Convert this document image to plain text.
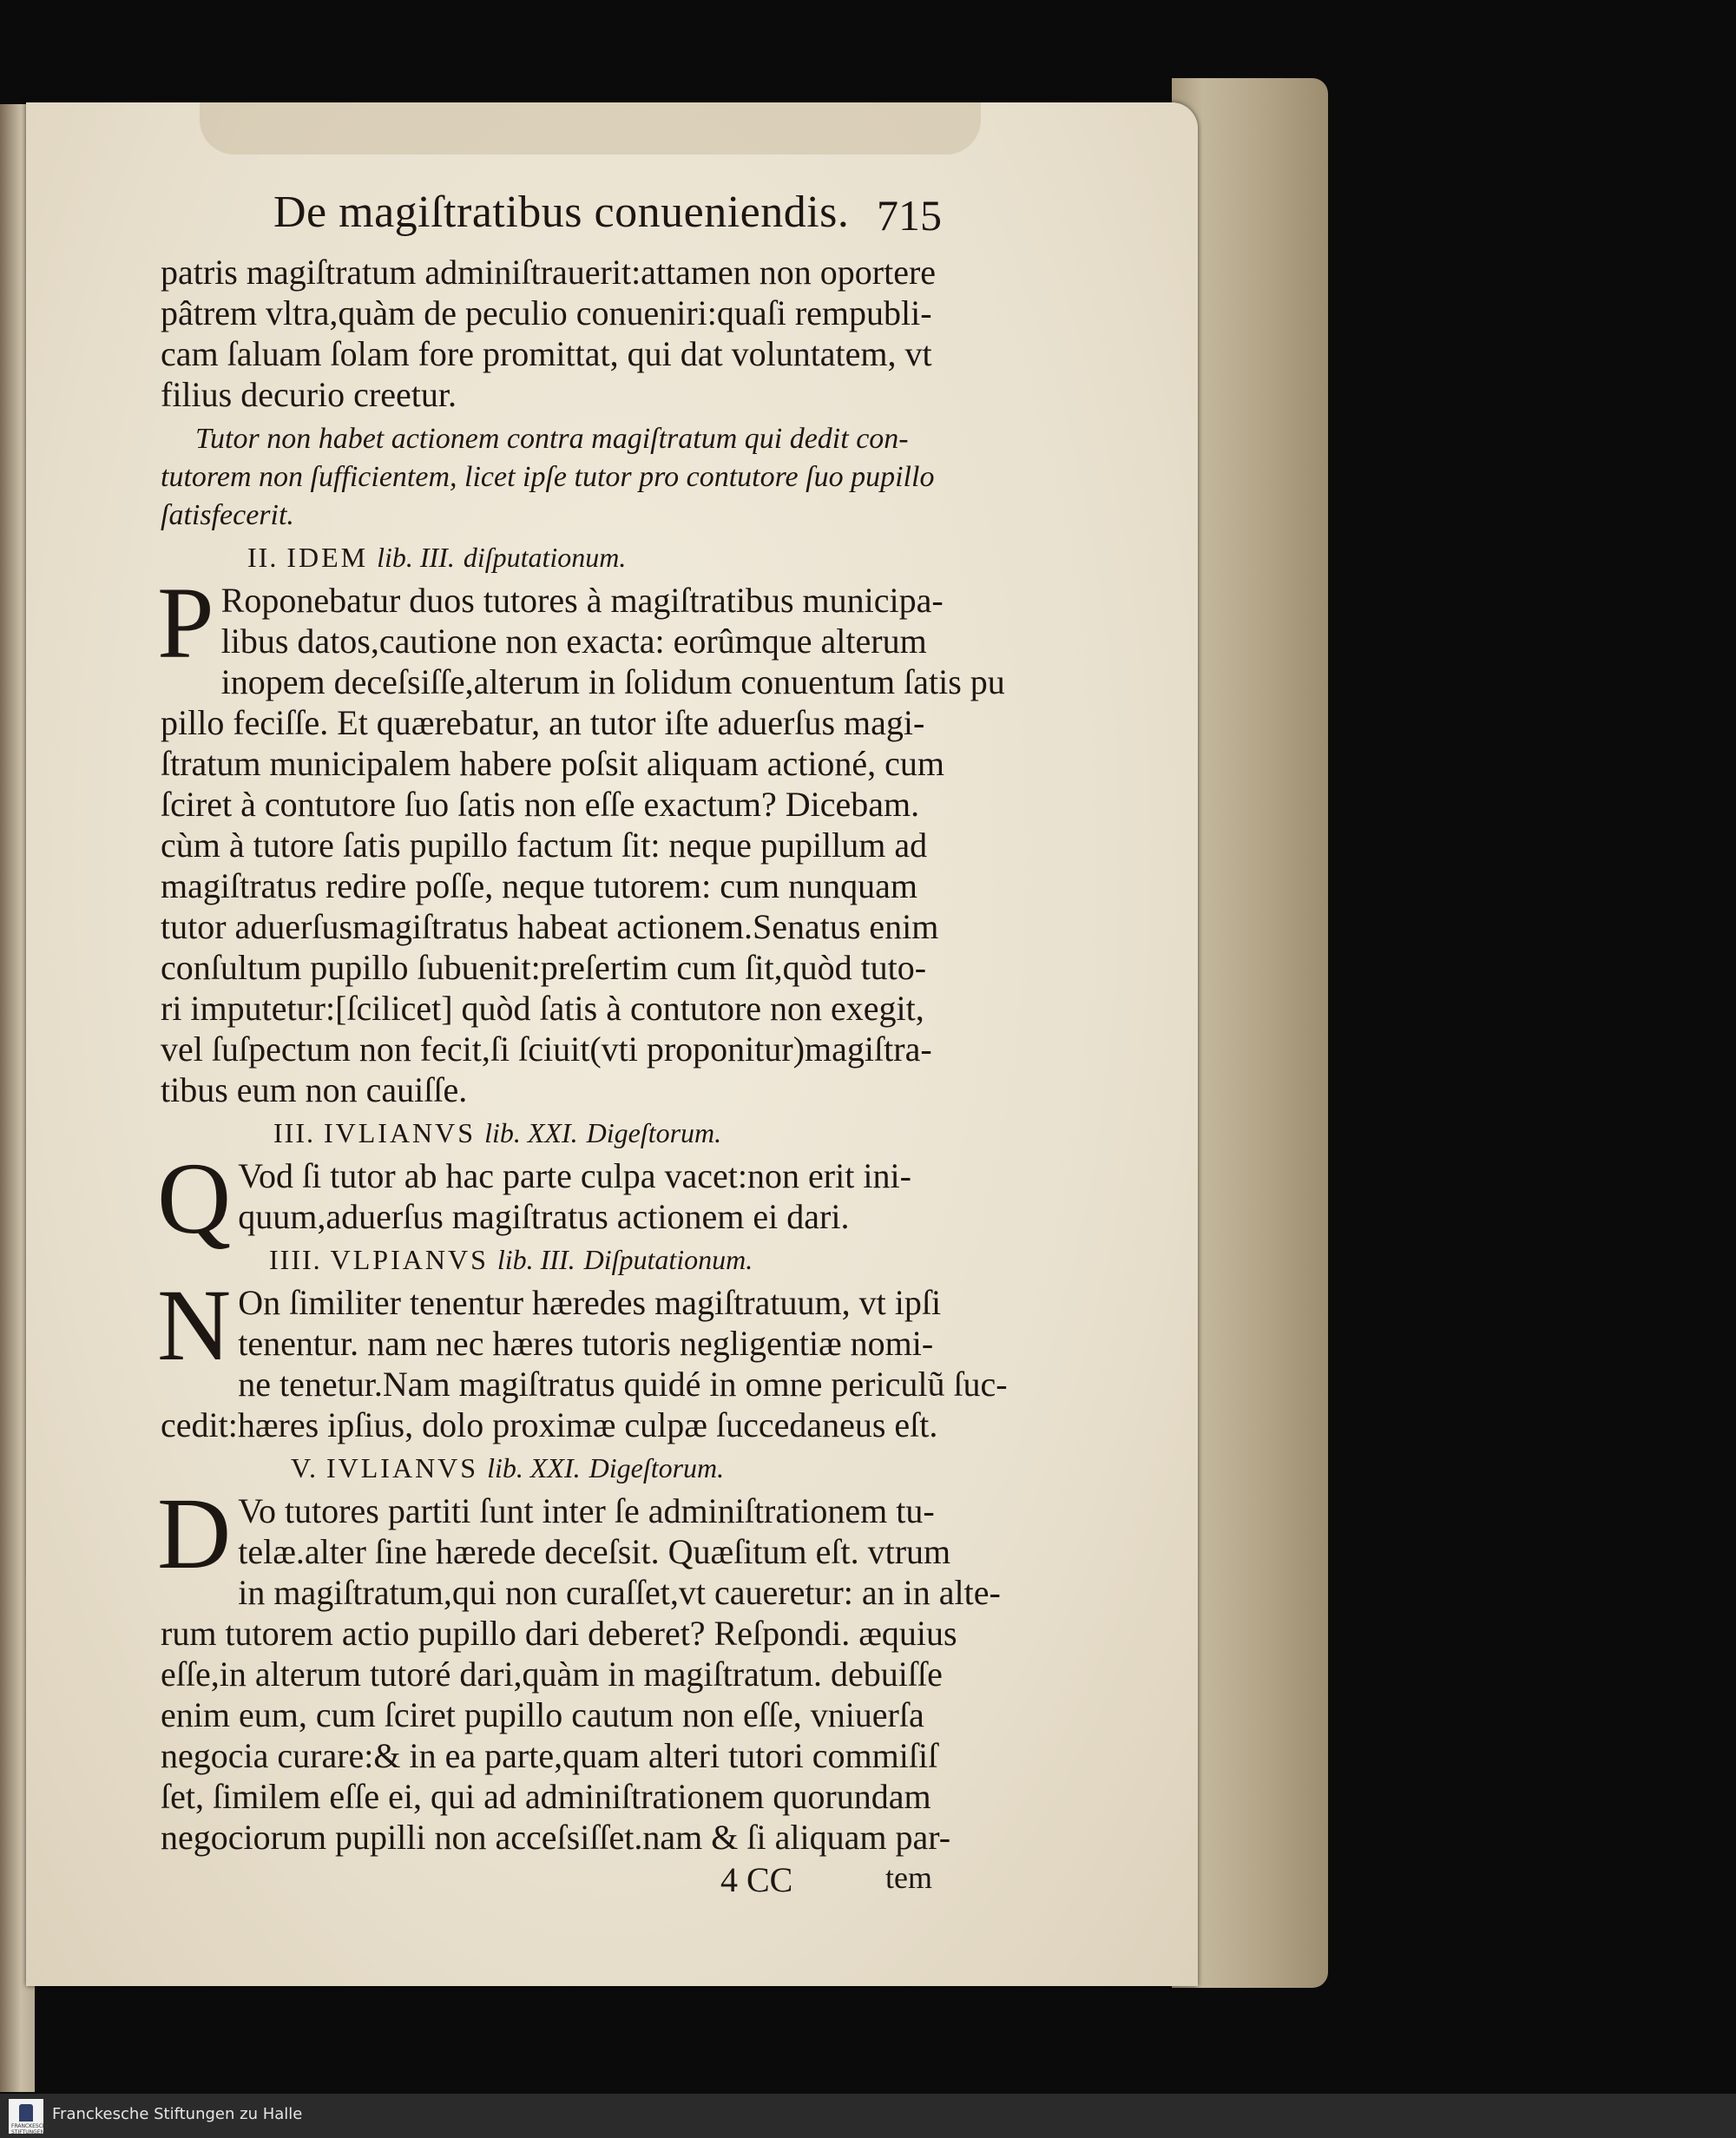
De magiſtratibus conueniendis. 715

patris magiſtratum adminiſtrauerit:attamen non oportere
pâtrem vltra,quàm de peculio conueniri:quaſi rempubli-
cam ſaluam ſolam fore promittat, qui dat voluntatem, vt
filius decurio creetur.

Tutor non habet actionem contra magiſtratum qui dedit con-
tutorem non ſufficientem, licet ipſe tutor pro contutore ſuo pupillo
ſatisfecerit.

II. IDEM lib. III. diſputationum.
P Roponebatur duos tutores à magiſtratibus municipa-
libus datos,cautione non exacta: eorûmque alterum
inopem deceſsiſſe,alterum in ſolidum conuentum ſatis pu
pillo feciſſe. Et quærebatur, an tutor iſte aduerſus magi-
ſtratum municipalem habere poſsit aliquam actioné, cum
ſciret à contutore ſuo ſatis non eſſe exactum? Dicebam.
cùm à tutore ſatis pupillo factum ſit: neque pupillum ad
magiſtratus redire poſſe, neque tutorem: cum nunquam
tutor aduerſusmagiſtratus habeat actionem.Senatus enim
conſultum pupillo ſubuenit:preſertim cum ſit,quòd tuto-
ri imputetur:[ſcilicet] quòd ſatis à contutore non exegit,
vel ſuſpectum non fecit,ſi ſciuit(vti proponitur)magiſtra-
tibus eum non cauiſſe.
III. IVLIANVS lib. XXI. Digeſtorum.
Q Vod ſi tutor ab hac parte culpa vacet:non erit ini-
quum,aduerſus magiſtratus actionem ei dari.
IIII. VLPIANVS lib. III. Diſputationum.
N On ſimiliter tenentur hæredes magiſtratuum, vt ipſi
tenentur. nam nec hæres tutoris negligentiæ nomi-
ne tenetur.Nam magiſtratus quidé in omne periculũ ſuc-
cedit:hæres ipſius, dolo proximæ culpæ ſuccedaneus eſt.
V. IVLIANVS lib. XXI. Digeſtorum.
D Vo tutores partiti ſunt inter ſe adminiſtrationem tu-
telæ.alter ſine hærede deceſsit. Quæſitum eſt. vtrum
in magiſtratum,qui non curaſſet,vt caueretur: an in alte-
rum tutorem actio pupillo dari deberet? Reſpondi. æquius
eſſe,in alterum tutoré dari,quàm in magiſtratum. debuiſſe
enim eum, cum ſciret pupillo cautum non eſſe, vniuerſa
negocia curare:& in ea parte,quam alteri tutori commiſiſ
ſet, ſimilem eſſe ei, qui ad adminiſtrationem quorundam
negociorum pupilli non acceſsiſſet.nam & ſi aliquam par-
4 CC	tem
FRANCKESCHE STIFTUNGEN
Franckesche Stiftungen zu Halle
